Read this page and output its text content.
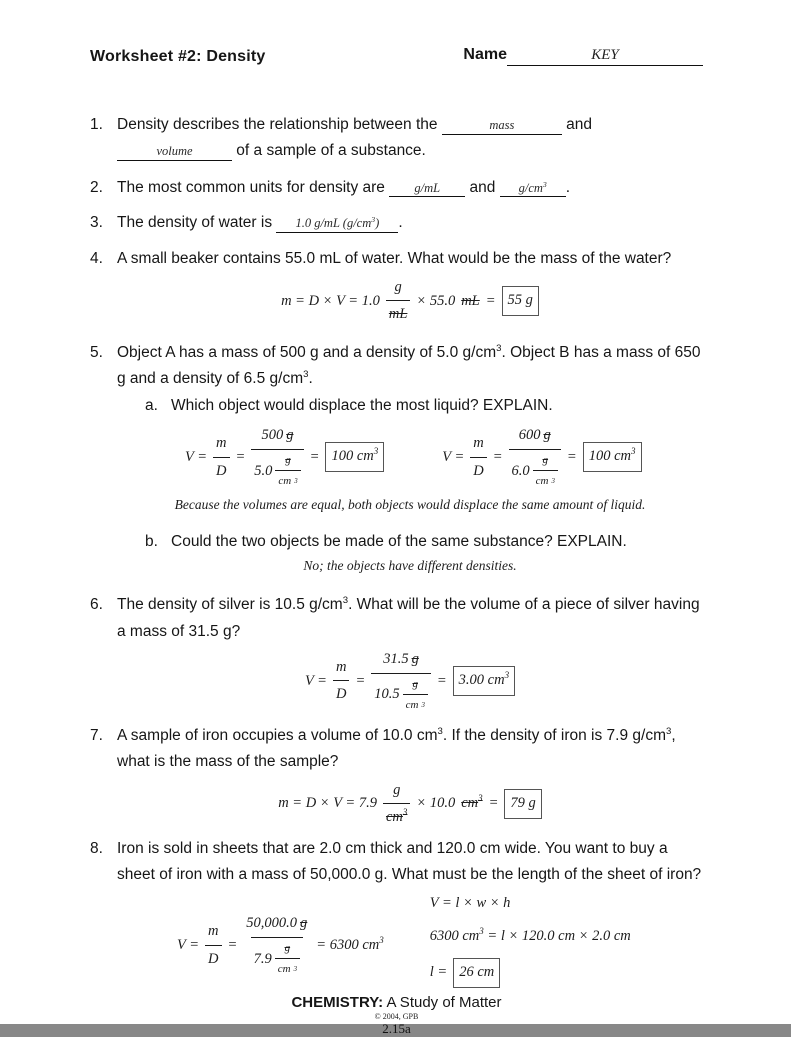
Worksheet #2: Density	Name	KEY
1. Density describes the relationship between the	mass	and
volume	of a sample of a substance.
2. The most common units for density are g/mL and $g/cm^3$ .
3. The density of water is 1.0 g/mL $(g/cm^3)$ .
4. A small beaker contains 55.0 mL of water. What would be the mass of the water?
$m = D \times V = 1.0 \frac{g}{mL} \times 55.0$ mL = 55 g
5. Object A has a mass of 500 g and a density of 5.0 $g/cm^3$. Object B has a mass of 650 g and a density of 6.5 $g/cm^3$.
a. Which object would displace the most liquid? EXPLAIN.
$V = \frac{m}{D} = \frac{500 g}{5.0 \frac{g}{cm 3}} = 100$ $cm^3$	$V = \frac{m}{D} = \frac{600 g}{6.0 \frac{g}{cm 3}} = 100$ $cm^3$
Because the volumes are equal, both objects would displace the same amount of liquid.
b. Could the two objects be made of the same substance? EXPLAIN.
No; the objects have different densities.
6. The density of silver is 10.5 $g/cm^3$. What will be the volume of a piece of silver having a mass of 31.5 g?
$V = \frac{m}{D} = \frac{31.5 g}{10.5 \frac{g}{cm 3}} = 3.00$ $cm^3$
7. A sample of iron occupies a volume of 10.0 $cm^3$. If the density of iron is 7.9 $g/cm^3$, what is the mass of the sample?
$m = D \times V = 7.9 \frac{g}{cm^3} \times 10.0$ $cm^3 = 79$ g
8. Iron is sold in sheets that are 2.0 cm thick and 120.0 cm wide. You want to buy a sheet of iron with a mass of 50,000.0 g. What must be the length of the sheet of iron?
$V = \frac{m}{D} = \frac{50,000.0 g}{7.9 \frac{g}{cm 3}} = 6300$ $cm^3$
V = l × w × h
6300 $cm^3 = l \times 120.0$ cm × 2.0 cm
l = 26 cm
CHEMISTRY: A Study of Matter
© 2004, GPB
2.15a
